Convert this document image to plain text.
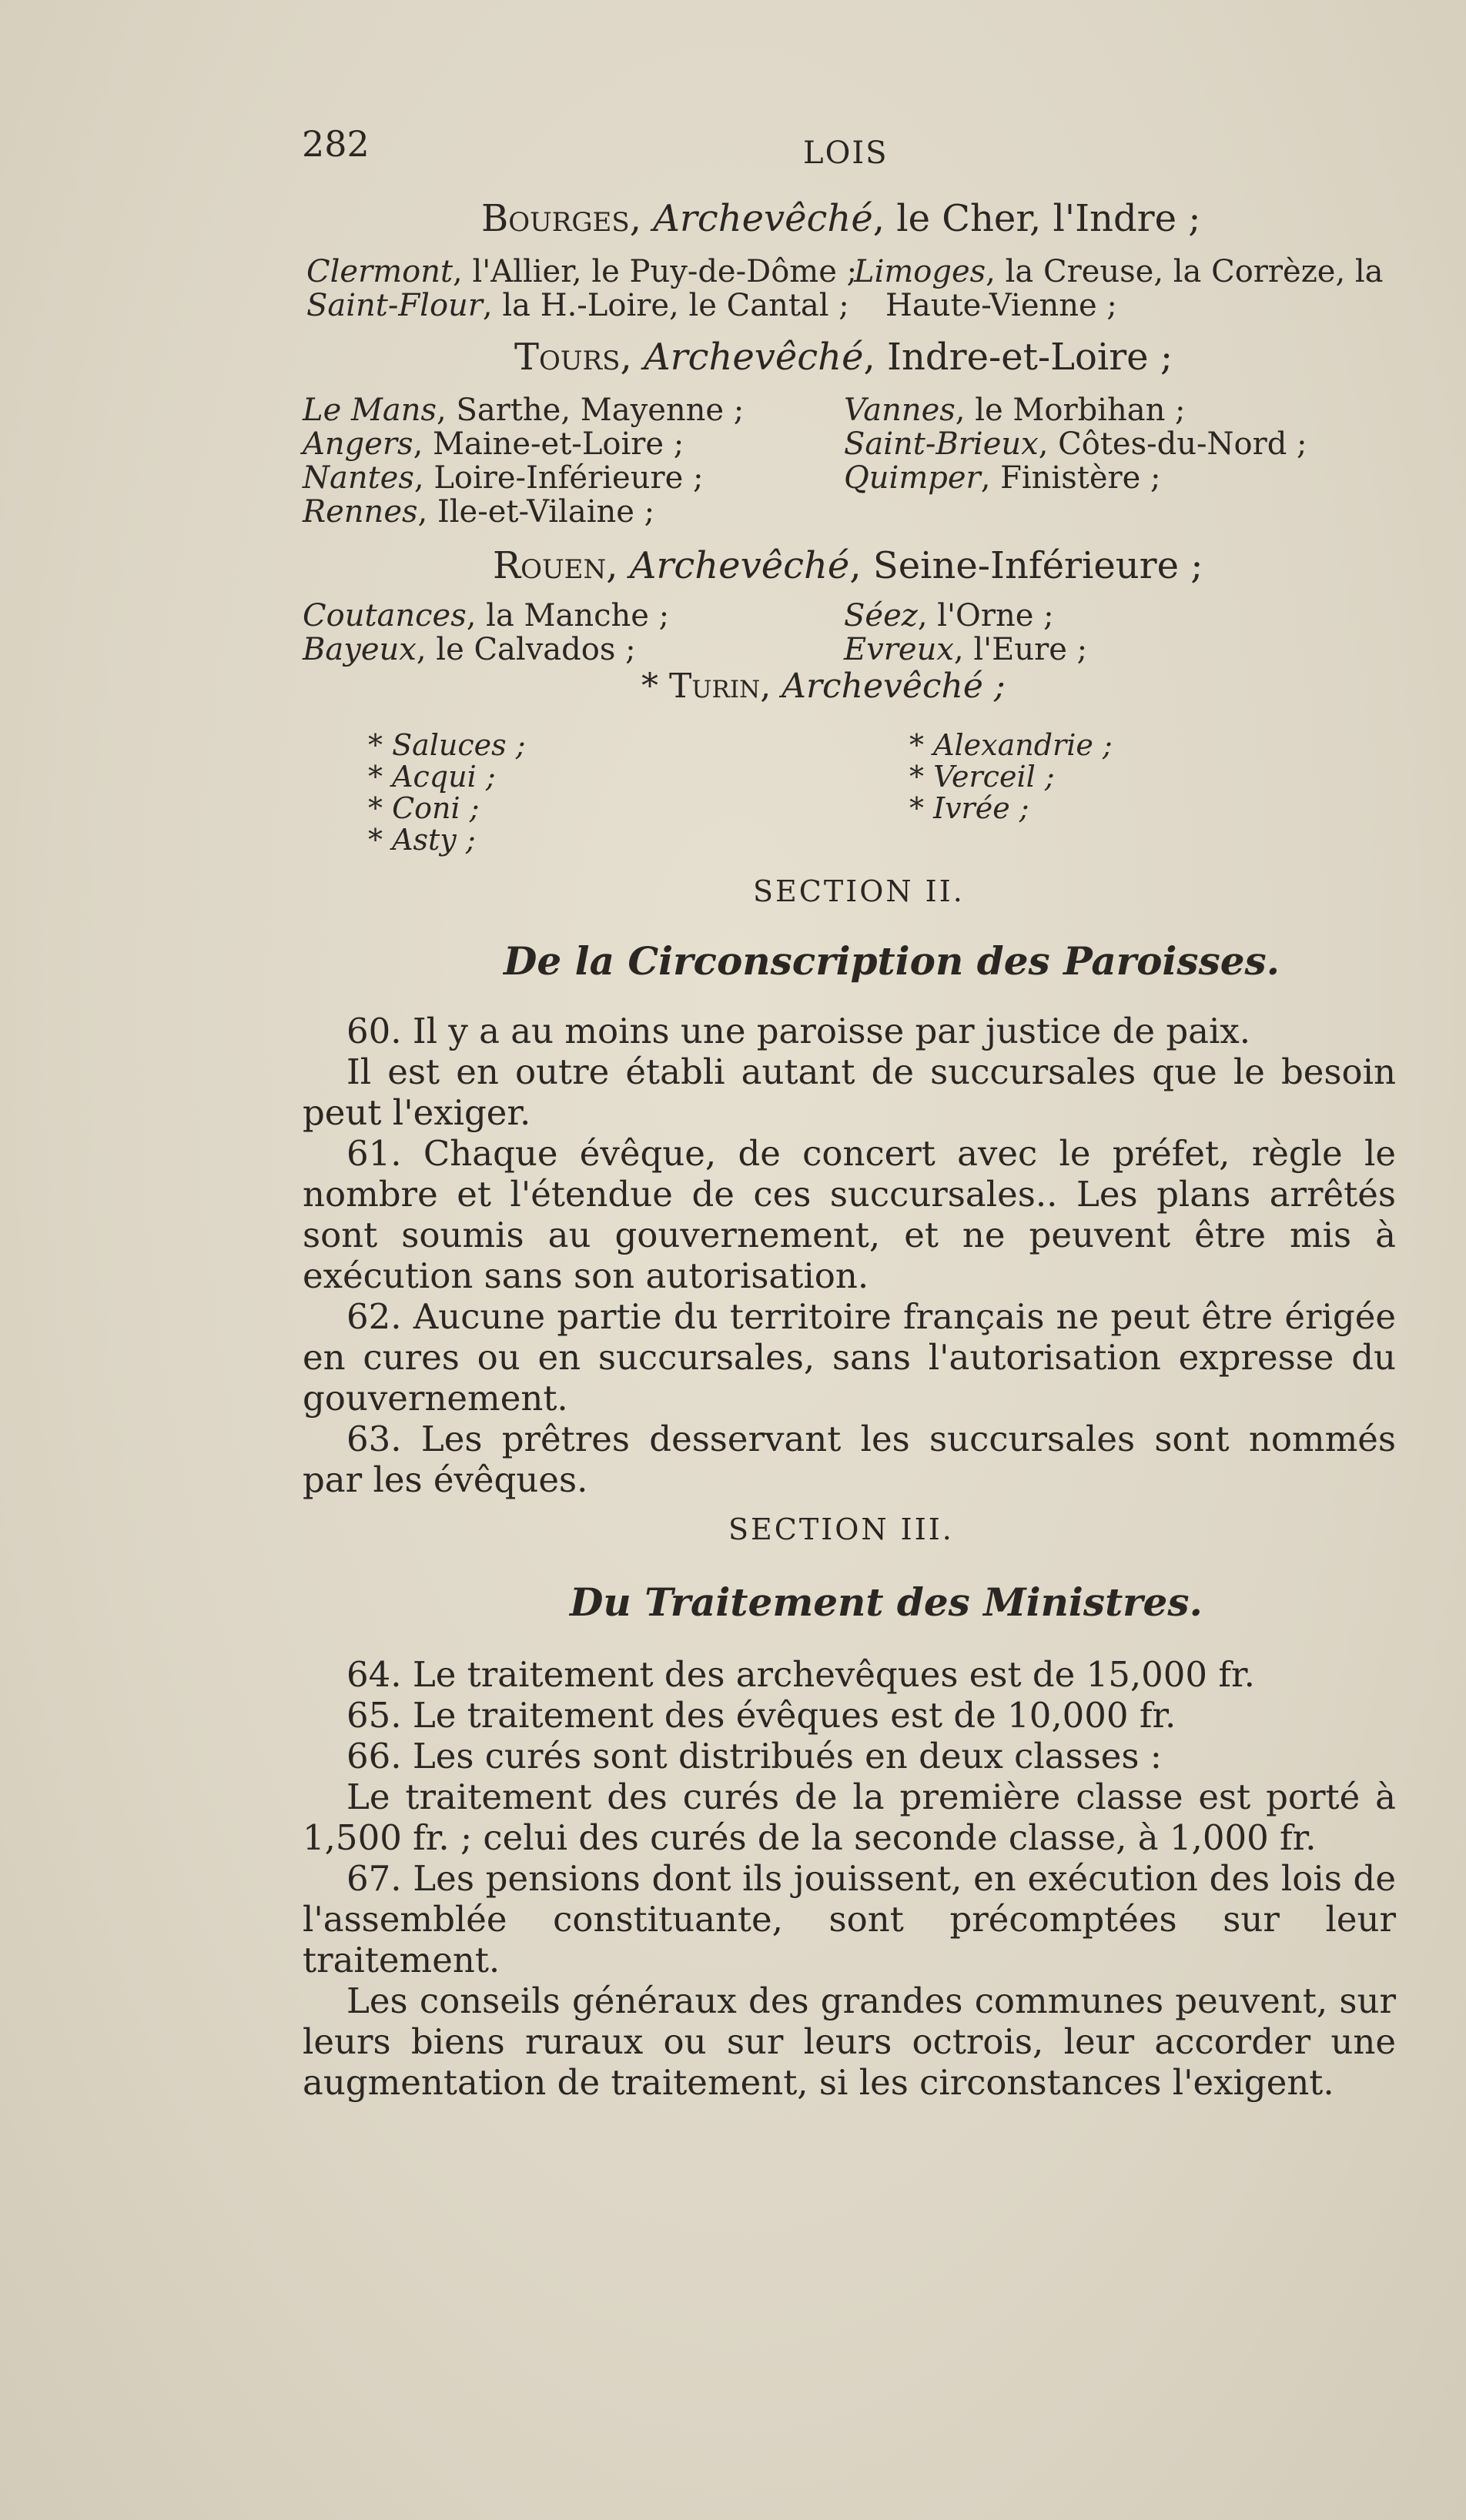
282	LOIS
Bourges, Archevêché, le Cher, l'Indre ;
Clermont, l'Allier, le Puy-de-Dôme ;
Saint-Flour, la H.-Loire, le Cantal ;
Limoges, la Creuse, la Corrèze, la
Haute-Vienne ;
Tours, Archevêché, Indre-et-Loire ;
Le Mans, Sarthe, Mayenne ;
Angers, Maine-et-Loire ;
Nantes, Loire-Inférieure ;
Rennes, Ile-et-Vilaine ;
Vannes, le Morbihan ;
Saint-Brieux, Côtes-du-Nord ;
Quimper, Finistère ;
Rouen, Archevêché, Seine-Inférieure ;
Coutances, la Manche ;
Bayeux, le Calvados ;
Séez, l'Orne ;
Evreux, l'Eure ;
* Turin, Archevêché ;
* Saluces ;
* Acqui ;
* Coni ;
* Asty ;
* Alexandrie ;
* Verceil ;
* Ivrée ;
SECTION II.
De la Circonscription des Paroisses.

60. Il y a au moins une paroisse par justice de paix.

Il est en outre établi autant de succursales que le besoin peut l'exiger.

61. Chaque évêque, de concert avec le préfet, règle le nombre et l'étendue de ces succursales.. Les plans arrêtés sont soumis au gouvernement, et ne peuvent être mis à exécution sans son autorisation.

62. Aucune partie du territoire français ne peut être érigée en cures ou en succursales, sans l'autorisation expresse du gouvernement.

63. Les prêtres desservant les succursales sont nommés par les évêques.

SECTION III.
Du Traitement des Ministres.

64. Le traitement des archevêques est de 15,000 fr.

65. Le traitement des évêques est de 10,000 fr.

66. Les curés sont distribués en deux classes :

Le traitement des curés de la première classe est porté à 1,500 fr. ; celui des curés de la seconde classe, à 1,000 fr.

67. Les pensions dont ils jouissent, en exécution des lois de l'assemblée constituante, sont précomptées sur leur traitement.

Les conseils généraux des grandes communes peuvent, sur leurs biens ruraux ou sur leurs octrois, leur accorder une augmentation de traitement, si les circonstances l'exigent.
